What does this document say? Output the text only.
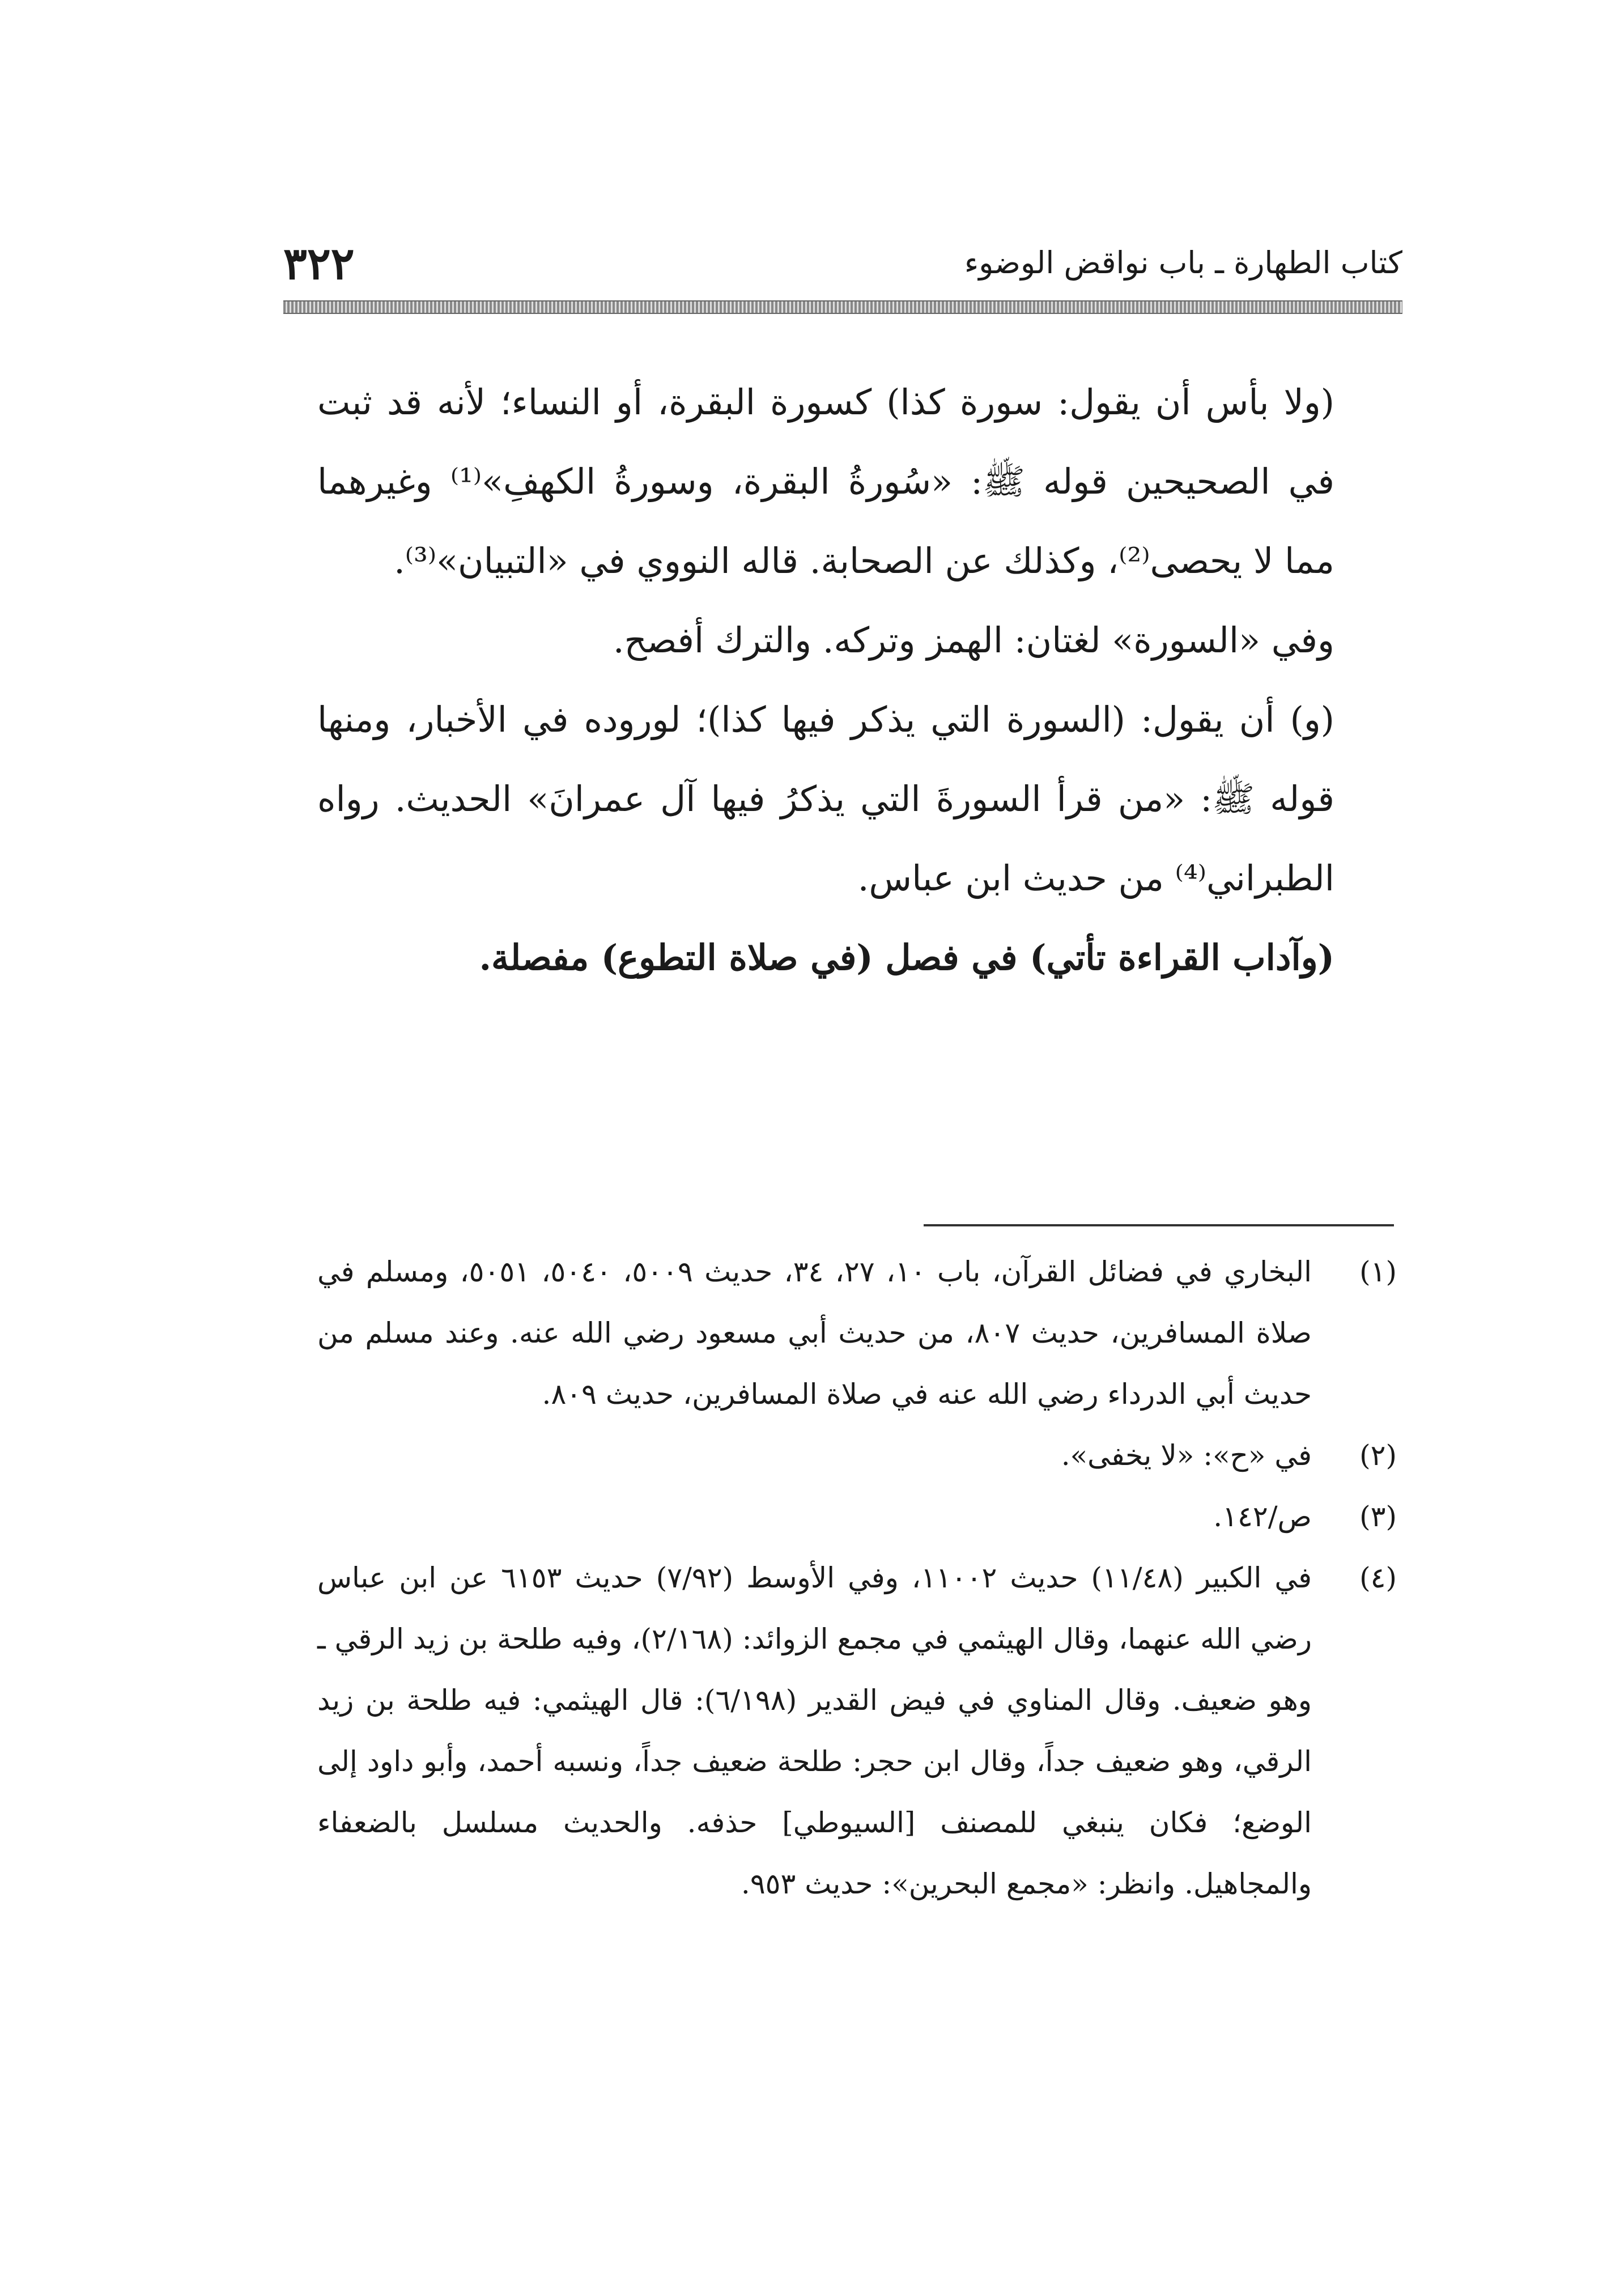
٣٢٢	كتاب الطهارة ـ باب نواقض الوضوء

(ولا بأس أن يقول: سورة كذا) كسورة البقرة، أو النساء؛ لأنه قد ثبت في الصحيحين قوله ﷺ: «سُورةُ البقرة، وسورةُ الكهفِ»⁽¹⁾ وغيرهما مما لا يحصى⁽²⁾، وكذلك عن الصحابة. قاله النووي في «التبيان»⁽³⁾.

وفي «السورة» لغتان: الهمز وتركه. والترك أفصح.

(و) أن يقول: (السورة التي يذكر فيها كذا)؛ لوروده في الأخبار، ومنها قوله ﷺ: «من قرأ السورةَ التي يذكرُ فيها آل عمرانَ» الحديث. رواه الطبراني⁽⁴⁾ من حديث ابن عباس.

(وآداب القراءة تأتي) في فصل (في صلاة التطوع) مفصلة.

(١)
البخاري في فضائل القرآن، باب ١٠، ٢٧، ٣٤، حديث ٥٠٠٩، ٥٠٤٠، ٥٠٥١، ومسلم في صلاة المسافرين، حديث ٨٠٧، من حديث أبي مسعود رضي الله عنه. وعند مسلم من حديث أبي الدرداء رضي الله عنه في صلاة المسافرين، حديث ٨٠٩.
(٢)
في «ح»: «لا يخفى».
(٣)
ص/١٤٢.
(٤)
في الكبير (١١/٤٨) حديث ١١٠٠٢، وفي الأوسط (٧/٩٢) حديث ٦١٥٣ عن ابن عباس رضي الله عنهما، وقال الهيثمي في مجمع الزوائد: (٢/١٦٨)، وفيه طلحة بن زيد الرقي ـ وهو ضعيف. وقال المناوي في فيض القدير (٦/١٩٨): قال الهيثمي: فيه طلحة بن زيد الرقي، وهو ضعيف جداً، وقال ابن حجر: طلحة ضعيف جداً، ونسبه أحمد، وأبو داود إلى الوضع؛ فكان ينبغي للمصنف [السيوطي] حذفه. والحديث مسلسل بالضعفاء والمجاهيل. وانظر: «مجمع البحرين»: حديث ٩٥٣.
